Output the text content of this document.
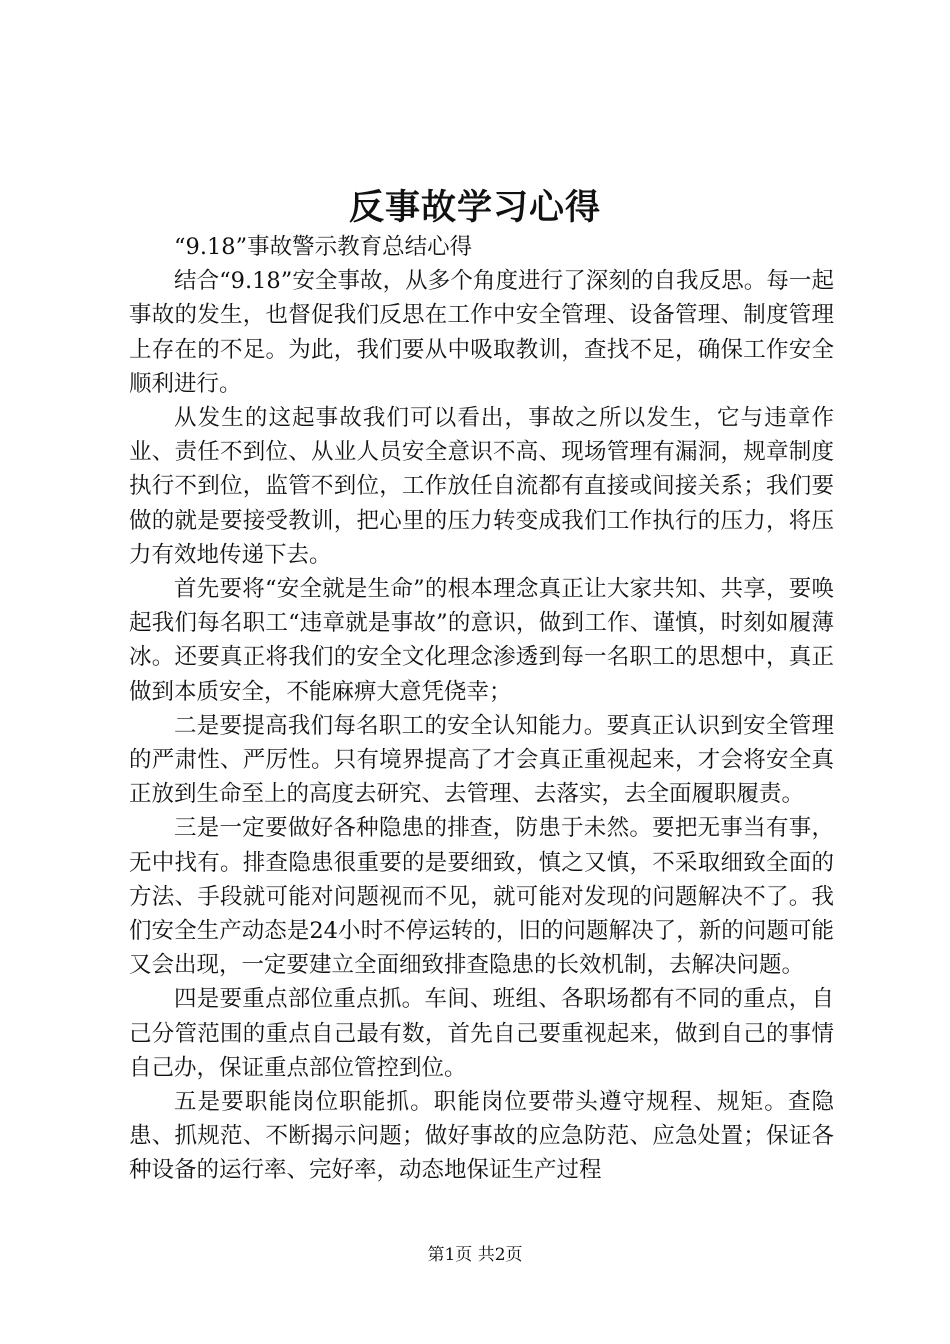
反事故学习心得

“9.18”事故警示教育总结心得

结合“9.18”安全事故，从多个角度进行了深刻的自我反思。每一起事故的发生，也督促我们反思在工作中安全管理、设备管理、制度管理上存在的不足。为此，我们要从中吸取教训，查找不足，确保工作安全顺利进行。

从发生的这起事故我们可以看出，事故之所以发生，它与违章作业、责任不到位、从业人员安全意识不高、现场管理有漏洞，规章制度执行不到位，监管不到位，工作放任自流都有直接或间接关系；我们要做的就是要接受教训，把心里的压力转变成我们工作执行的压力，将压力有效地传递下去。

首先要将“安全就是生命”的根本理念真正让大家共知、共享，要唤起我们每名职工“违章就是事故”的意识，做到工作、谨慎，时刻如履薄冰。还要真正将我们的安全文化理念渗透到每一名职工的思想中，真正做到本质安全，不能麻痹大意凭侥幸；

二是要提高我们每名职工的安全认知能力。要真正认识到安全管理的严肃性、严厉性。只有境界提高了才会真正重视起来，才会将安全真正放到生命至上的高度去研究、去管理、去落实，去全面履职履责。

三是一定要做好各种隐患的排查，防患于未然。要把无事当有事，无中找有。排查隐患很重要的是要细致，慎之又慎，不采取细致全面的方法、手段就可能对问题视而不见，就可能对发现的问题解决不了。我们安全生产动态是24小时不停运转的，旧的问题解决了，新的问题可能又会出现，一定要建立全面细致排查隐患的长效机制，去解决问题。

四是要重点部位重点抓。车间、班组、各职场都有不同的重点，自己分管范围的重点自己最有数，首先自己要重视起来，做到自己的事情自己办，保证重点部位管控到位。

五是要职能岗位职能抓。职能岗位要带头遵守规程、规矩。查隐患、抓规范、不断揭示问题；做好事故的应急防范、应急处置；保证各种设备的运行率、完好率，动态地保证生产过程

第1页 共2页
